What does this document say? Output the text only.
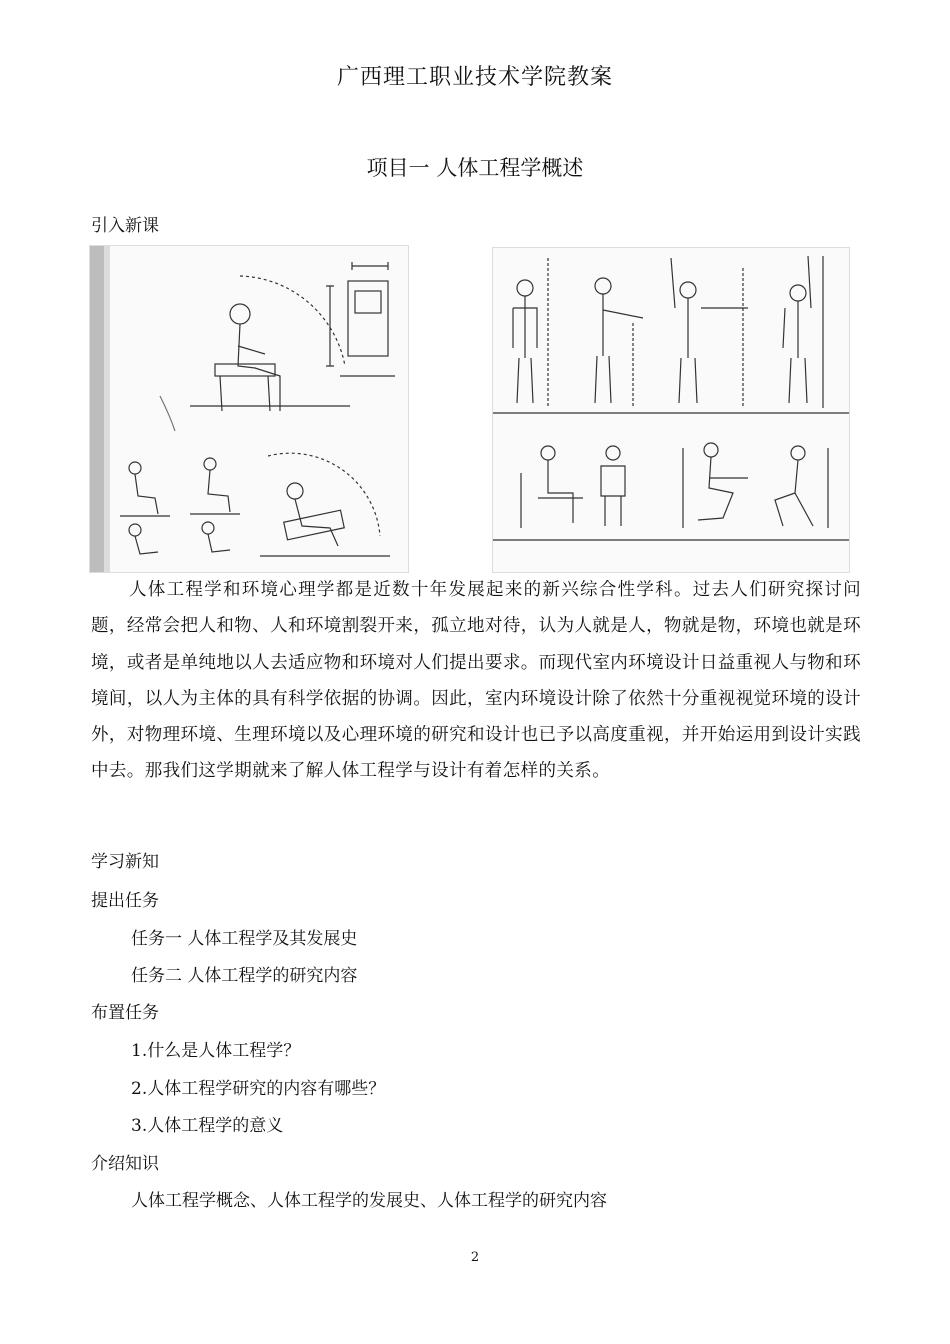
广西理工职业技术学院教案
项目一 人体工程学概述
引入新课
人体工程学和环境心理学都是近数十年发展起来的新兴综合性学科。过去人们研究探讨问题，经常会把人和物、人和环境割裂开来，孤立地对待，认为人就是人，物就是物，环境也就是环境，或者是单纯地以人去适应物和环境对人们提出要求。而现代室内环境设计日益重视人与物和环境间，以人为主体的具有科学依据的协调。因此，室内环境设计除了依然十分重视视觉环境的设计外，对物理环境、生理环境以及心理环境的研究和设计也已予以高度重视，并开始运用到设计实践中去。那我们这学期就来了解人体工程学与设计有着怎样的关系。
学习新知
提出任务
任务一 人体工程学及其发展史
任务二 人体工程学的研究内容
布置任务
1.什么是人体工程学？
2.人体工程学研究的内容有哪些？
3.人体工程学的意义
介绍知识
人体工程学概念、人体工程学的发展史、人体工程学的研究内容
2
